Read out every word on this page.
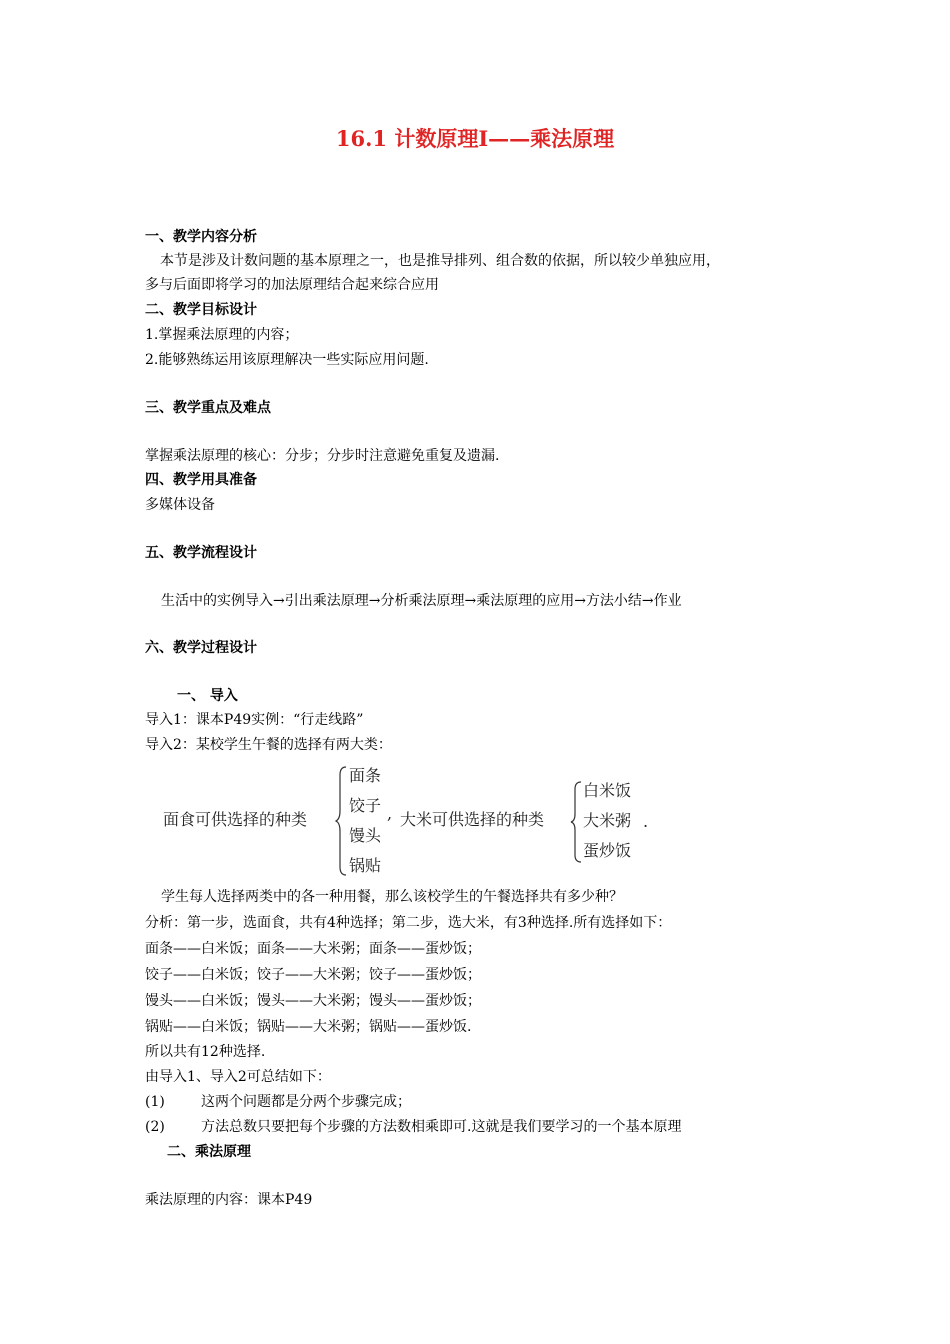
16.1 计数原理Ⅰ——乘法原理
一、教学内容分析
本节是涉及计数问题的基本原理之一，也是推导排列、组合数的依据，所以较少单独应用，
多与后面即将学习的加法原理结合起来综合应用
二、教学目标设计
1.掌握乘法原理的内容；
2.能够熟练运用该原理解决一些实际应用问题.
三、教学重点及难点
掌握乘法原理的核心：分步；分步时注意避免重复及遗漏.
四、教学用具准备
多媒体设备
五、教学流程设计
生活中的实例导入→引出乘法原理→分析乘法原理→乘法原理的应用→方法小结→作业
六、教学过程设计
一、 导入
导入1：课本P49实例：“行走线路”
导入2：某校学生午餐的选择有两大类：
面食可供选择的种类
面条
饺子
馒头
锅贴
, 大米可供选择的种类
白米饭
大米粥
蛋炒饭
.
学生每人选择两类中的各一种用餐，那么该校学生的午餐选择共有多少种？
分析：第一步，选面食，共有4种选择；第二步，选大米，有3种选择.所有选择如下：
面条——白米饭；面条——大米粥；面条——蛋炒饭；
饺子——白米饭；饺子——大米粥；饺子——蛋炒饭；
馒头——白米饭；馒头——大米粥；馒头——蛋炒饭；
锅贴——白米饭；锅贴——大米粥；锅贴——蛋炒饭.
所以共有12种选择.
由导入1、导入2可总结如下：
(1)	这两个问题都是分两个步骤完成；
(2)	方法总数只要把每个步骤的方法数相乘即可.这就是我们要学习的一个基本原理
二、乘法原理
乘法原理的内容：课本P49
